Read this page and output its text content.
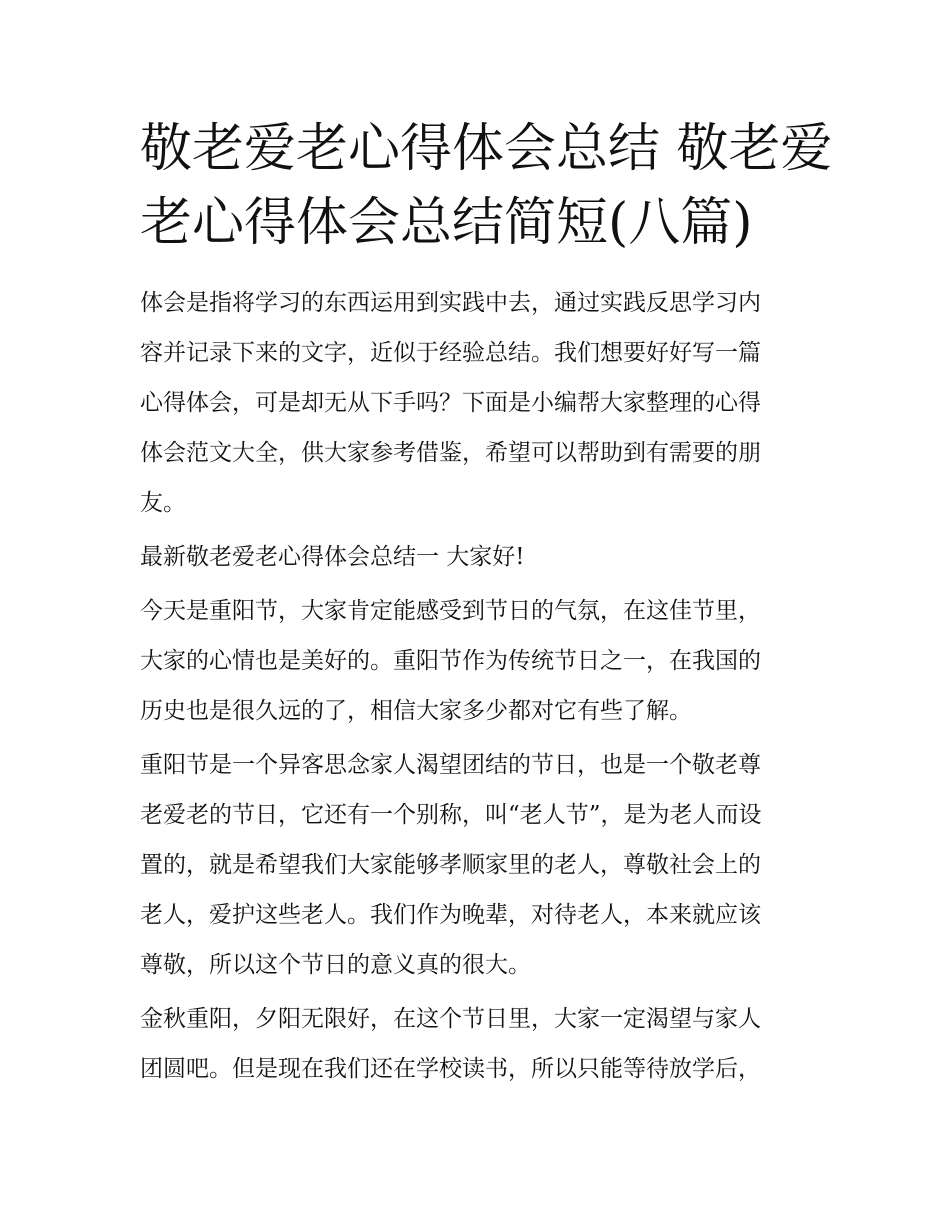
敬老爱老心得体会总结 敬老爱
老心得体会总结简短(八篇)

体会是指将学习的东西运用到实践中去，通过实践反思学习内
容并记录下来的文字，近似于经验总结。我们想要好好写一篇
心得体会，可是却无从下手吗？下面是小编帮大家整理的心得
体会范文大全，供大家参考借鉴，希望可以帮助到有需要的朋
友。

最新敬老爱老心得体会总结一 大家好!

今天是重阳节，大家肯定能感受到节日的气氛，在这佳节里，
大家的心情也是美好的。重阳节作为传统节日之一，在我国的
历史也是很久远的了，相信大家多少都对它有些了解。

重阳节是一个异客思念家人渴望团结的节日，也是一个敬老尊
老爱老的节日，它还有一个别称，叫“老人节”，是为老人而设
置的，就是希望我们大家能够孝顺家里的老人，尊敬社会上的
老人，爱护这些老人。我们作为晚辈，对待老人，本来就应该
尊敬，所以这个节日的意义真的很大。

金秋重阳，夕阳无限好，在这个节日里，大家一定渴望与家人
团圆吧。但是现在我们还在学校读书，所以只能等待放学后，
